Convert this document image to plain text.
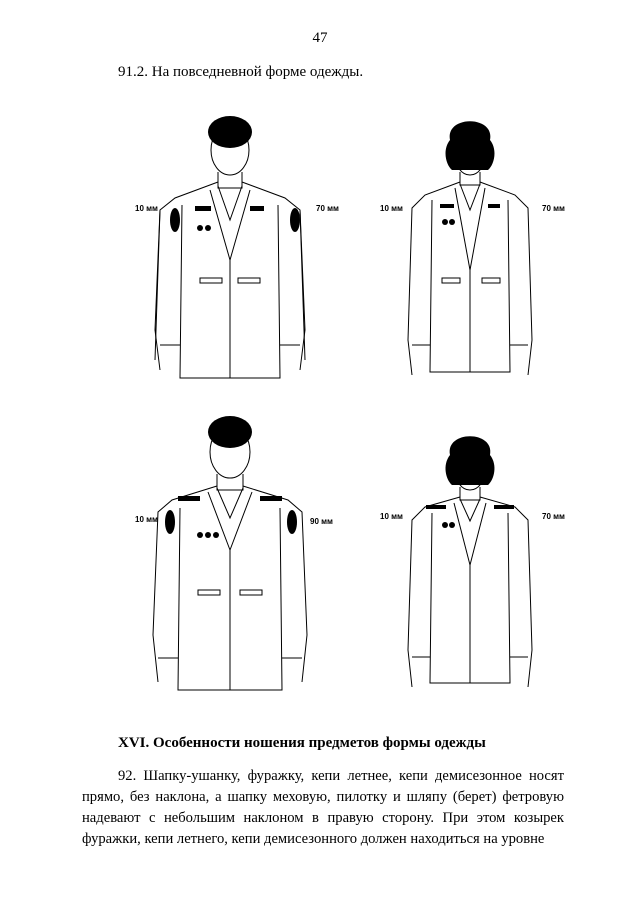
47
91.2. На повседневной форме одежды.
10 мм	70 мм	10 мм	70 мм
10 мм	90 мм
10 мм	70 мм
XVI. Особенности ношения предметов формы одежды

92. Шапку-ушанку, фуражку, кепи летнее, кепи демисезонное носят прямо, без наклона, а шапку меховую, пилотку и шляпу (берет) фетровую надевают с небольшим наклоном в правую сторону. При этом козырек фуражки, кепи летнего, кепи демисезонного должен находиться на уровне
